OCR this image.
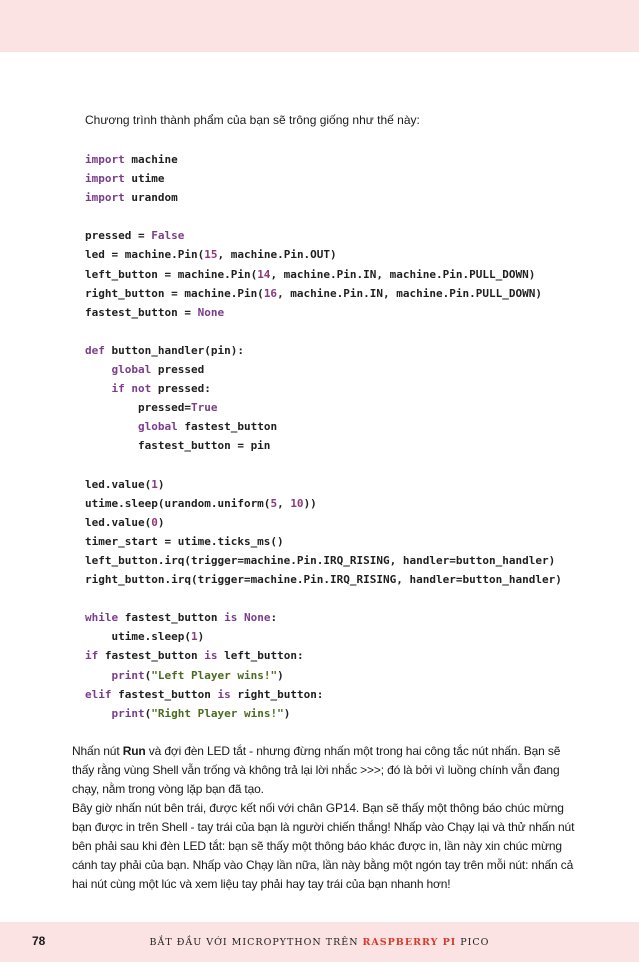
Chương trình thành phẩm của bạn sẽ trông giống như thế này:

import machine
import utime
import urandom

pressed = False
led = machine.Pin(15, machine.Pin.OUT)
left_button = machine.Pin(14, machine.Pin.IN, machine.Pin.PULL_DOWN)
right_button = machine.Pin(16, machine.Pin.IN, machine.Pin.PULL_DOWN)
fastest_button = None

def button_handler(pin):
global pressed
if not pressed:
pressed=True
global fastest_button
fastest_button = pin

led.value(1)
utime.sleep(urandom.uniform(5, 10))
led.value(0)
timer_start = utime.ticks_ms()
left_button.irq(trigger=machine.Pin.IRQ_RISING, handler=button_handler)
right_button.irq(trigger=machine.Pin.IRQ_RISING, handler=button_handler)

while fastest_button is None:
utime.sleep(1)
if fastest_button is left_button:
print("Left Player wins!")
elif fastest_button is right_button:
print("Right Player wins!")

Nhấn nút Run và đợi đèn LED tắt - nhưng đừng nhấn một trong hai công tắc nút nhấn. Bạn sẽ thấy rằng vùng Shell vẫn trống và không trả lại lời nhắc >>>; đó là bởi vì luồng chính vẫn đang chạy, nằm trong vòng lặp bạn đã tạo.

Bây giờ nhấn nút bên trái, được kết nối với chân GP14. Bạn sẽ thấy một thông báo chúc mừng bạn được in trên Shell - tay trái của bạn là người chiến thắng! Nhấp vào Chạy lại và thử nhấn nút bên phải sau khi đèn LED tắt: bạn sẽ thấy một thông báo khác được in, lần này xin chúc mừng cánh tay phải của bạn. Nhấp vào Chạy lần nữa, lần này bằng một ngón tay trên mỗi nút: nhấn cả hai nút cùng một lúc và xem liệu tay phải hay tay trái của bạn nhanh hơn!

78	BẮT ĐẦU VỚI MICROPYTHON TRÊN RASPBERRY PI PICO
